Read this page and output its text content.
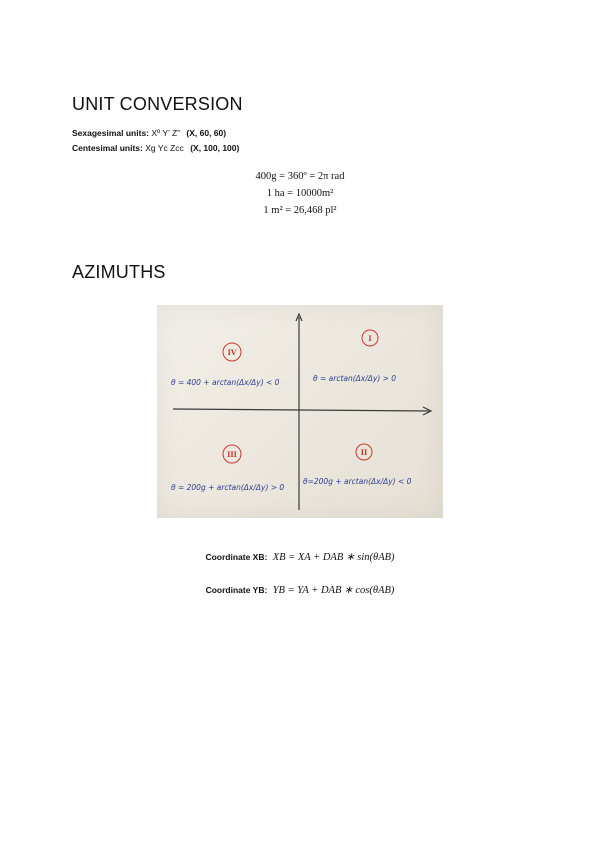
UNIT CONVERSION
Sexagesimal units: Xº Y’ Z” (X, 60, 60)
Centesimal units: Xg Yc Zcc (X, 100, 100)
400g = 360º = 2π rad
1 ha = 10000m²
1 m² = 26,468 pl²
AZIMUTHS
IV
I
III	II
θ = 400 + arctan(Δx/Δy) < 0	θ = arctan(Δx/Δy) > 0
θ = 200g + arctan(Δx/Δy) > 0
θ=200g + arctan(Δx/Δy) < 0
Coordinate XB: XB = XA + DAB ∗ sin(θAB)
Coordinate YB: YB = YA + DAB ∗ cos(θAB)
